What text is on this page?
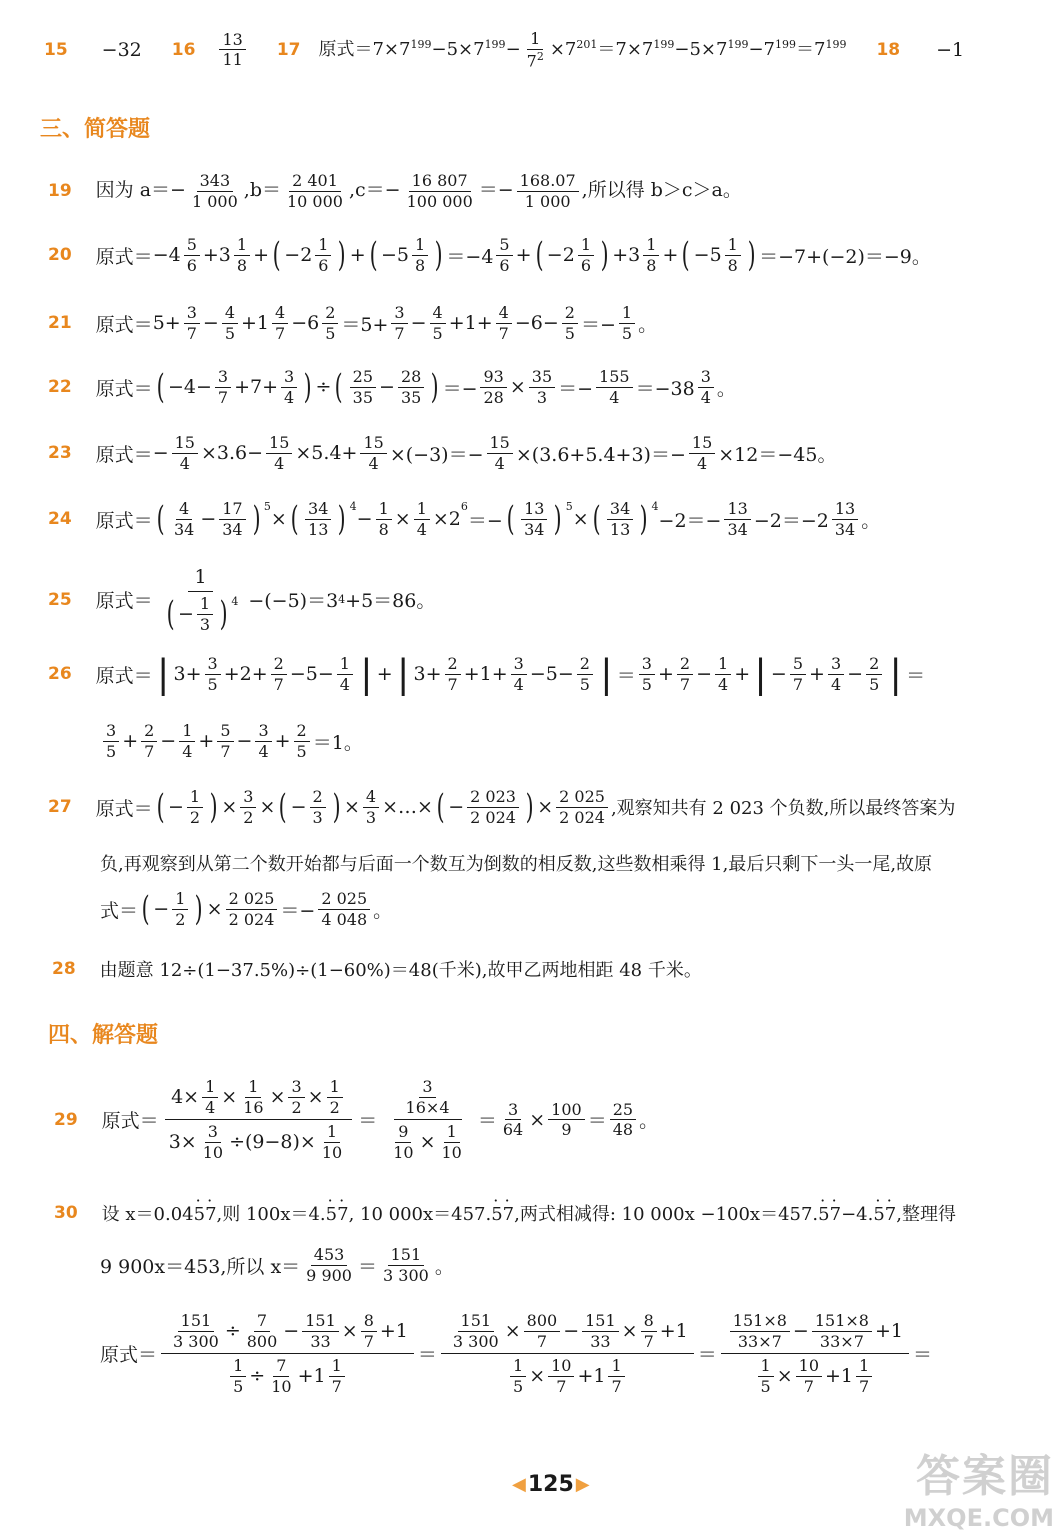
15 −32 $16 \frac{13}{11} 17$ 原式$=7\times 7^{199}-5\times 7^{199}- \frac{1}{7^2} \times 7^{201}=7\times 7^{199}-5\times 7^{199}-7^{199}=7^{199}$ 18 −1
三、简答题
19 因为 $a=- \frac{343}{1 000} ,b= \frac{2 401}{10 000} ,c=- \frac{16 807}{100 000} =- \frac{168.07}{1 000}$ ,所以得 b＞c＞a。
20 原式＝ $-4 \frac{5}{6} +3 \frac{1}{8}$ + ( $-2 \frac{1}{6}$ ) + ( $-5 \frac{1}{8}$ ) $=-4 \frac{5}{6}$ + ( $-2 \frac{1}{6}$ ) $+3 \frac{1}{8}$ + ( $-5 \frac{1}{8}$ ) ＝−7+(−2)＝−9。
21 原式＝ $5+ \frac{3}{7} - \frac{4}{5} +1 \frac{4}{7} -6 \frac{2}{5} =5+ \frac{3}{7} - \frac{4}{5} +1+ \frac{4}{7} -6- \frac{2}{5} =- \frac{1}{5}$ 。
22 原式＝ ( $-4- \frac{3}{7} +7+ \frac{3}{4}$ ) ÷ ( $\frac{25}{35} - \frac{28}{35}$ ) ＝− $\frac{93}{28} \times \frac{35}{3} =- \frac{155}{4} =-38 \frac{3}{4}$ 。
23 原式＝ − $\frac{15}{4} \times 3.6- \frac{15}{4} \times 5.4+ \frac{15}{4} \times(-3)=- \frac{15}{4} \times(3.6+5.4+3)=- \frac{15}{4} \times 12=-45$。
24 原式＝ ( $\frac{4}{34} - \frac{17}{34}$ ) $^5$
× ( $\frac{34}{13}$ ) $^4$
− $\frac{1}{8} \times \frac{1}{4} \times 2$
$^6$
＝− ( $\frac{13}{34}$ ) $^5$
× ( $\frac{34}{13}$ ) $^4$
$-2=- \frac{13}{34} -2=-2 \frac{13}{34}$ 。
25 原式＝ $\frac{1}{( - \frac{1}{3} ) ^4} -(-5)=3$ 4 +5＝86。
26 原式＝ | $3+ \frac{3}{5} +2+ \frac{2}{7} -5- \frac{1}{4}$ | + | $3+ \frac{2}{7} +1+ \frac{3}{4} -5- \frac{2}{5}$ | ＝ $\frac{3}{5} + \frac{2}{7} - \frac{1}{4}$ + | − $\frac{5}{7} + \frac{3}{4} - \frac{2}{5}$ | ＝
$\frac{3}{5} + \frac{2}{7} - \frac{1}{4} + \frac{5}{7} - \frac{3}{4} + \frac{2}{5} =1$。
27 原式＝ ( − $\frac{1}{2}$ ) × $\frac{3}{2}$ × ( − $\frac{2}{3}$ ) × $\frac{4}{3}$ ×…× ( − $\frac{2 023}{2 024}$ ) × $\frac{2 025}{2 024}$ ,观察知共有 2 023 个负数,所以最终答案为
负,再观察到从第二个数开始都与后面一个数互为倒数的相反数,这些数相乘得 1,最后只剩下一头一尾,故原
式＝ ( − $\frac{1}{2}$ ) × $\frac{2 025}{2 024} =- \frac{2 025}{4 048}$ 。
28 由题意 12÷(1−37.5%)÷(1−60%)＝48(千米),故甲乙两地相距 48 千米。
四、解答题
29 原式＝ $\frac{4\times \frac{1}{4} \times \frac{1}{16} \times \frac{3}{2} \times \frac{1}{2}}{3\times \frac{3}{10} \div(9-8)\times \frac{1}{10}} = \frac{\frac{3}{16\times 4}}{\frac{9}{10} \times \frac{1}{10}} = \frac{3}{64} \times \frac{100}{9} = \frac{25}{48}$ 。
30 设 x＝0.04· 5· 7,则 100x＝4.· 5· 7, 10 000x＝457.· 5· 7,两式相减得: 10 000x −100x＝457.· 5· 7−4.· 5· 7,整理得
9 900x＝453,所以 $x= \frac{453}{9 900} = \frac{151}{3 300}$ 。
原式＝ $\frac{\frac{151}{3 300} \div \frac{7}{800} - \frac{151}{33} \times \frac{8}{7} +1}{\frac{1}{5} \div \frac{7}{10} +1 \frac{1}{7}} = \frac{\frac{151}{3 300} \times \frac{800}{7} - \frac{151}{33} \times \frac{8}{7} +1}{\frac{1}{5} \times \frac{10}{7} +1 \frac{1}{7}} = \frac{\frac{151\times 8}{33\times 7} - \frac{151\times 8}{33\times 7} +1}{\frac{1}{5} \times \frac{10}{7} +1 \frac{1}{7}}$ ＝
◀ 125 ▶	答案圈
MXQE.COM
